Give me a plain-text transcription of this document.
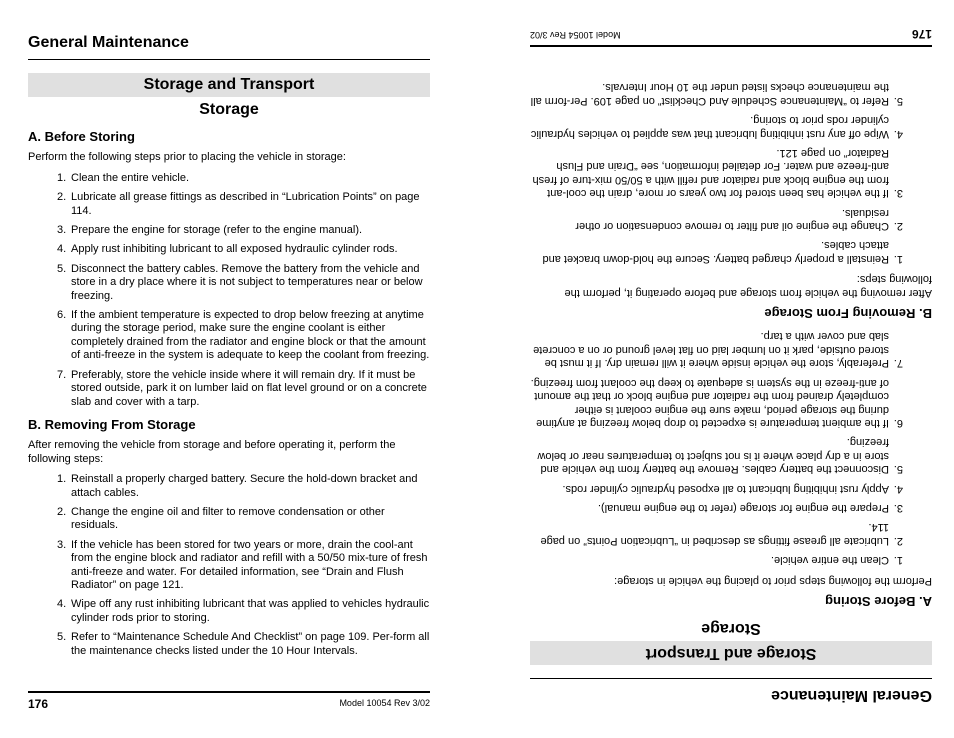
General Maintenance
Storage and Transport
Storage
A. Before Storing
Perform the following steps prior to placing the vehicle in storage:
1. Clean the entire vehicle.
2. Lubricate all grease fittings as described in “Lubrication Points” on page 114.
3. Prepare the engine for storage (refer to the engine manual).
4. Apply rust inhibiting lubricant to all exposed hydraulic cylinder rods.
5. Disconnect the battery cables. Remove the battery from the vehicle and store in a dry place where it is not subject to temperatures near or below freezing.
6. If the ambient temperature is expected to drop below freezing at anytime during the storage period, make sure the engine coolant is either completely drained from the radiator and engine block or that the amount of anti-freeze in the system is adequate to keep the coolant from freezing.
7. Preferably, store the vehicle inside where it will remain dry. If it must be stored outside, park it on lumber laid on flat level ground or on a concrete slab and cover with a tarp.
B. Removing From Storage
After removing the vehicle from storage and before operating it, perform the following steps:
1. Reinstall a properly charged battery. Secure the hold-down bracket and attach cables.
2. Change the engine oil and filter to remove condensation or other residuals.
3. If the vehicle has been stored for two years or more, drain the cool-ant from the engine block and radiator and refill with a 50/50 mix-ture of fresh anti-freeze and water. For detailed information, see “Drain and Flush Radiator” on page 121.
4. Wipe off any rust inhibiting lubricant that was applied to vehicles hydraulic cylinder rods prior to storing.
5. Refer to “Maintenance Schedule And Checklist” on page 109. Per-form all the maintenance checks listed under the 10 Hour Intervals.
176	Model 10054 Rev 3/02	General Maintenance
Storage and Transport
Storage
A. Before Storing
Perform the following steps prior to placing the vehicle in storage:
1.
Clean the entire vehicle.
2.
Lubricate all grease fittings as described in “Lubrication Points” on page 114.
3.
Prepare the engine for storage (refer to the engine manual).
4.
Apply rust inhibiting lubricant to all exposed hydraulic cylinder rods.
5.
Disconnect the battery cables. Remove the battery from the vehicle and store in a dry place where it is not subject to temperatures near or below freezing.
6.
If the ambient temperature is expected to drop below freezing at anytime during the storage period, make sure the engine coolant is either completely drained from the radiator and engine block or that the amount of anti-freeze in the system is adequate to keep the coolant from freezing.
7.
Preferably, store the vehicle inside where it will remain dry. If it must be stored outside, park it on lumber laid on flat level ground or on a concrete slab and cover with a tarp.
B. Removing From Storage
After removing the vehicle from storage and before operating it, perform the following steps:
1.
Reinstall a properly charged battery. Secure the hold-down bracket and attach cables.
2.
Change the engine oil and filter to remove condensation or other residuals.
3.
If the vehicle has been stored for two years or more, drain the cool-ant from the engine block and radiator and refill with a 50/50 mix-ture of fresh anti-freeze and water. For detailed information, see “Drain and Flush Radiator” on page 121.
4.
Wipe off any rust inhibiting lubricant that was applied to vehicles hydraulic cylinder rods prior to storing.
5.
Refer to “Maintenance Schedule And Checklist” on page 109. Per-form all the maintenance checks listed under the 10 Hour Intervals.
176
Model 10054 Rev 3/02
